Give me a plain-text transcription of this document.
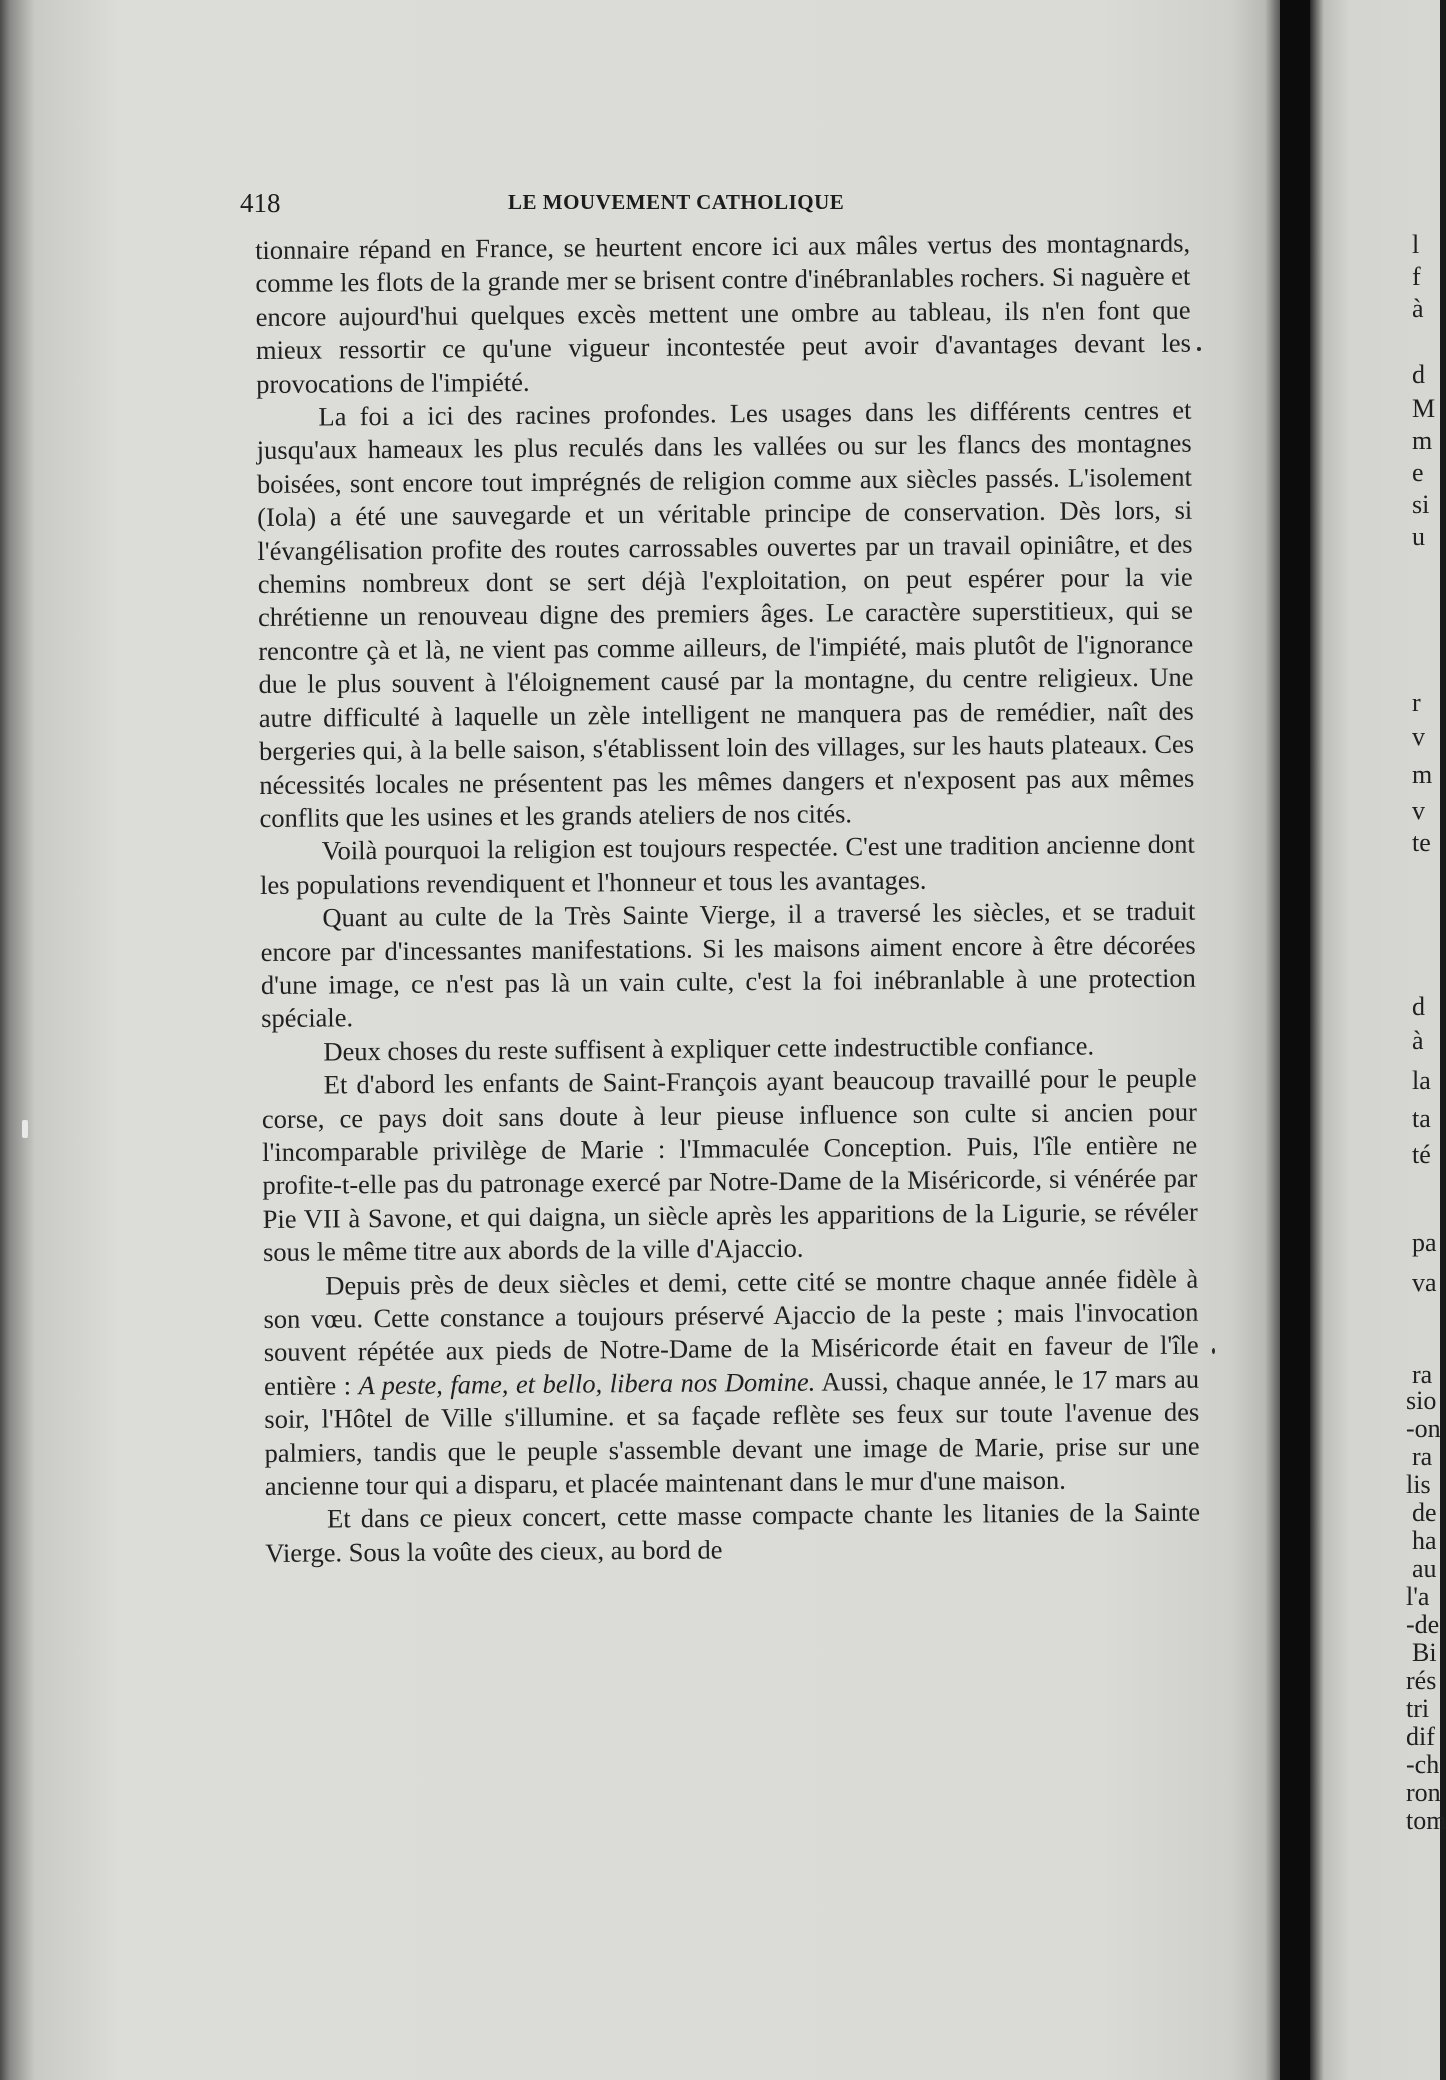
418	LE MOUVEMENT CATHOLIQUE

tionnaire répand en France, se heurtent encore ici aux mâles vertus des montagnards, comme les flots de la grande mer se brisent contre d'inébranlables rochers. Si naguère et encore aujourd'hui quelques excès mettent une ombre au tableau, ils n'en font que mieux ressortir ce qu'une vigueur incontestée peut avoir d'avantages devant les provocations de l'impiété.

La foi a ici des racines profondes. Les usages dans les différents centres et jusqu'aux hameaux les plus reculés dans les vallées ou sur les flancs des montagnes boisées, sont encore tout imprégnés de religion comme aux siècles passés. L'isolement (Iola) a été une sauvegarde et un véritable principe de conservation. Dès lors, si l'évangélisation profite des routes carrossables ouvertes par un travail opiniâtre, et des chemins nombreux dont se sert déjà l'exploitation, on peut espérer pour la vie chrétienne un renouveau digne des premiers âges. Le caractère superstitieux, qui se rencontre çà et là, ne vient pas comme ailleurs, de l'impiété, mais plutôt de l'ignorance due le plus souvent à l'éloignement causé par la montagne, du centre religieux. Une autre difficulté à laquelle un zèle intelligent ne manquera pas de remédier, naît des bergeries qui, à la belle saison, s'établissent loin des villages, sur les hauts plateaux. Ces nécessités locales ne présentent pas les mêmes dangers et n'exposent pas aux mêmes conflits que les usines et les grands ateliers de nos cités.

Voilà pourquoi la religion est toujours respectée. C'est une tradition ancienne dont les populations revendiquent et l'honneur et tous les avantages.

Quant au culte de la Très Sainte Vierge, il a traversé les siècles, et se traduit encore par d'incessantes manifestations. Si les maisons aiment encore à être décorées d'une image, ce n'est pas là un vain culte, c'est la foi inébranlable à une protection spéciale.

Deux choses du reste suffisent à expliquer cette indestructible confiance.

Et d'abord les enfants de Saint-François ayant beaucoup travaillé pour le peuple corse, ce pays doit sans doute à leur pieuse influence son culte si ancien pour l'incomparable privilège de Marie : l'Immaculée Conception. Puis, l'île entière ne profite-t-elle pas du patronage exercé par Notre-Dame de la Miséricorde, si vénérée par Pie VII à Savone, et qui daigna, un siècle après les apparitions de la Ligurie, se révéler sous le même titre aux abords de la ville d'Ajaccio.

Depuis près de deux siècles et demi, cette cité se montre chaque année fidèle à son vœu. Cette constance a toujours préservé Ajaccio de la peste ; mais l'invocation souvent répétée aux pieds de Notre-Dame de la Miséricorde était en faveur de l'île entière : A peste, fame, et bello, libera nos Domine. Aussi, chaque année, le 17 mars au soir, l'Hôtel de Ville s'illumine. et sa façade reflète ses feux sur toute l'avenue des palmiers, tandis que le peuple s'assemble devant une image de Marie, prise sur une ancienne tour qui a disparu, et placée maintenant dans le mur d'une maison.

Et dans ce pieux concert, cette masse compacte chante les litanies de la Sainte Vierge. Sous la voûte des cieux, au bord de

l
f
à
d
M
m
e
si
u
r
v
m
v
te
d
à
la
ta
té
pa
va
ra
sio
-on
ra
lis
de
ha
au
l'a
-de
Bi
rés
tri
dif
-ch
ron
tom
